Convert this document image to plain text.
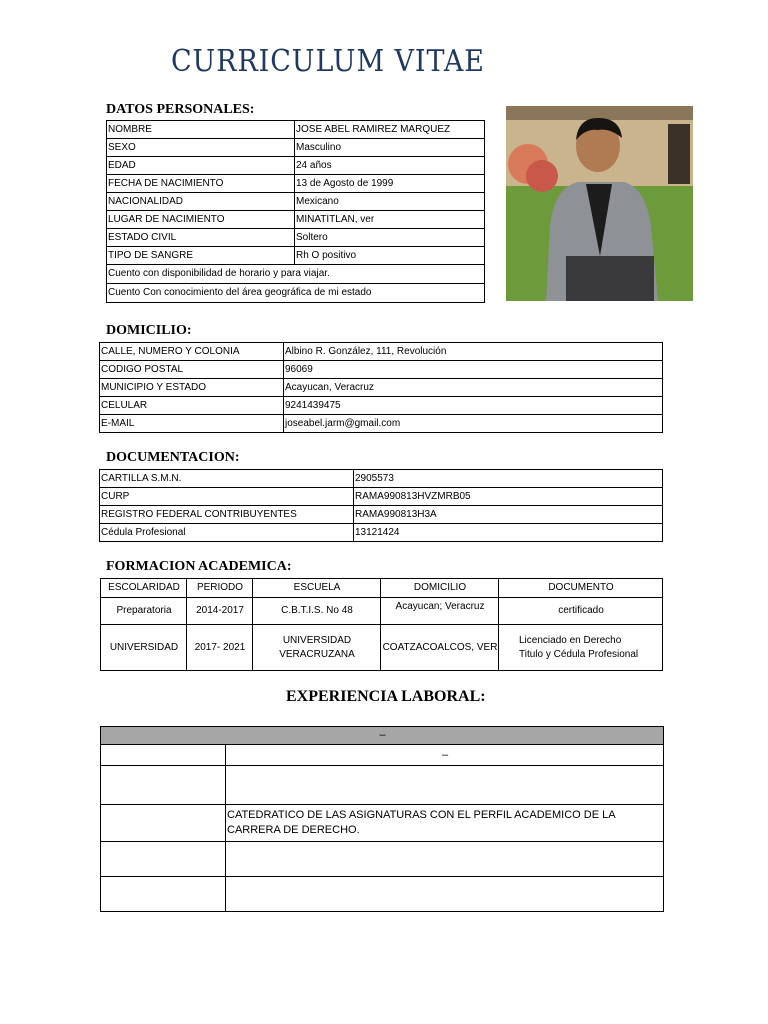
CURRICULUM VITAE
DATOS PERSONALES:
NOMBRE	JOSE ABEL RAMIREZ MARQUEZ
SEXO	Masculino
EDAD	24 años
FECHA DE NACIMIENTO	13 de Agosto de 1999
NACIONALIDAD	Mexicano
LUGAR DE NACIMIENTO	MINATITLAN, ver
ESTADO CIVIL	Soltero
TIPO DE SANGRE	Rh O positivo
Cuento con disponibilidad de horario y para viajar.	
Cuento Con conocimiento del área geográfica de mi estado	
DOMICILIO:
CALLE, NUMERO Y COLONIA	Albino R. González, 111, Revolución
CODIGO POSTAL	96069
MUNICIPIO Y ESTADO	Acayucan, Veracruz
CELULAR	9241439475
E-MAIL	joseabel.jarm@gmail.com
DOCUMENTACION:
CARTILLA S.M.N.	2905573
CURP	RAMA990813HVZMRB05
REGISTRO FEDERAL CONTRIBUYENTES	RAMA990813H3A
Cédula Profesional	13121424
FORMACION ACADEMICA:
ESCOLARIDAD	PERIODO	ESCUELA	DOMICILIO	DOCUMENTO
Preparatoria	2014-2017	C.B.T.I.S. No 48	Acayucan; Veracruz	certificado
UNIVERSIDAD	2017- 2021	UNIVERSIDAD VERACRUZANA	COATZACOALCOS, VER	Licenciado en Derecho
Titulo y Cédula Profesional
EXPERIENCIA LABORAL:
–	
	–

	CATEDRATICO DE LAS ASIGNATURAS CON EL PERFIL ACADEMICO DE LA CARRERA DE DERECHO.
